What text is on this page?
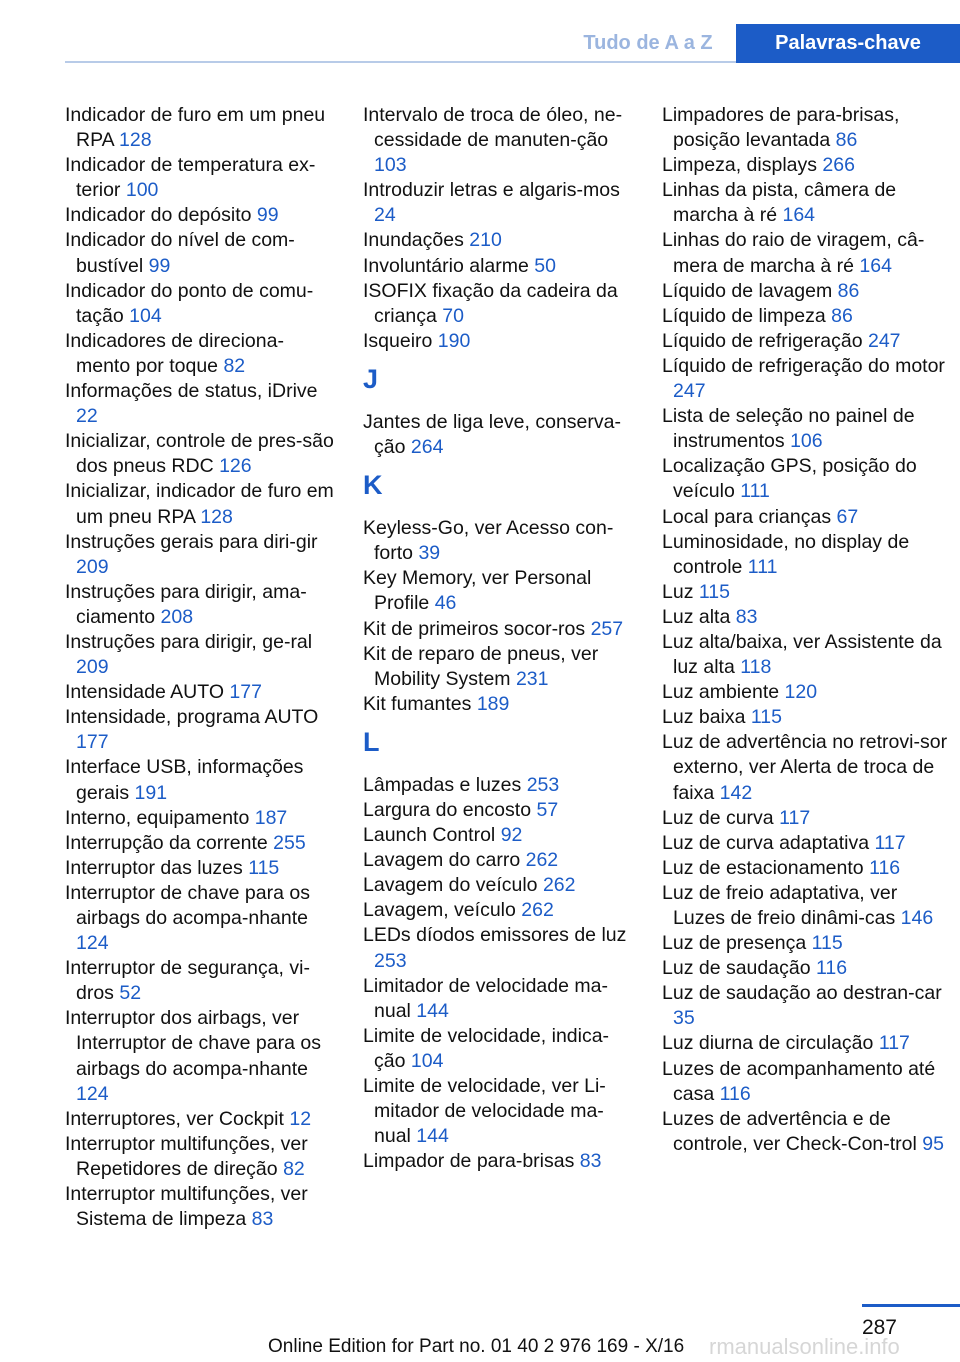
Tudo de A a Z	Palavras-chave
Indicador de furo em um pneu RPA 128
Indicador de temperatura ex-terior 100
Indicador do depósito 99
Indicador do nível de com-bustível 99
Indicador do ponto de comu-tação 104
Indicadores de direciona-mento por toque 82
Informações de status, iDrive 22
Inicializar, controle de pres-são dos pneus RDC 126
Inicializar, indicador de furo em um pneu RPA 128
Instruções gerais para diri-gir 209
Instruções para dirigir, ama-ciamento 208
Instruções para dirigir, ge-ral 209
Intensidade AUTO 177
Intensidade, programa AUTO 177
Interface USB, informações gerais 191
Interno, equipamento 187
Interrupção da corrente 255
Interruptor das luzes 115
Interruptor de chave para os airbags do acompa-nhante 124
Interruptor de segurança, vi-dros 52
Interruptor dos airbags, ver Interruptor de chave para os airbags do acompa-nhante 124
Interruptores, ver Cockpit 12
Interruptor multifunções, ver Repetidores de direção 82
Interruptor multifunções, ver Sistema de limpeza 83
Intervalo de troca de óleo, ne-cessidade de manuten-ção 103
Introduzir letras e algaris-mos 24
Inundações 210
Involuntário alarme 50
ISOFIX fixação da cadeira da criança 70
Isqueiro 190
J
Jantes de liga leve, conserva-ção 264
K
Keyless-Go, ver Acesso con-forto 39
Key Memory, ver Personal Profile 46
Kit de primeiros socor-ros 257
Kit de reparo de pneus, ver Mobility System 231
Kit fumantes 189
L
Lâmpadas e luzes 253
Largura do encosto 57
Launch Control 92
Lavagem do carro 262
Lavagem do veículo 262
Lavagem, veículo 262
LEDs díodos emissores de luz 253
Limitador de velocidade ma-nual 144
Limite de velocidade, indica-ção 104
Limite de velocidade, ver Li-mitador de velocidade ma-nual 144
Limpador de para-brisas 83
Limpadores de para-brisas, posição levantada 86
Limpeza, displays 266
Linhas da pista, câmera de marcha à ré 164
Linhas do raio de viragem, câ-mera de marcha à ré 164
Líquido de lavagem 86
Líquido de limpeza 86
Líquido de refrigeração 247
Líquido de refrigeração do motor 247
Lista de seleção no painel de instrumentos 106
Localização GPS, posição do veículo 111
Local para crianças 67
Luminosidade, no display de controle 111
Luz 115
Luz alta 83
Luz alta/baixa, ver Assistente da luz alta 118
Luz ambiente 120
Luz baixa 115
Luz de advertência no retrovi-sor externo, ver Alerta de troca de faixa 142
Luz de curva 117
Luz de curva adaptativa 117
Luz de estacionamento 116
Luz de freio adaptativa, ver Luzes de freio dinâmi-cas 146
Luz de presença 115
Luz de saudação 116
Luz de saudação ao destran-car 35
Luz diurna de circulação 117
Luzes de acompanhamento até casa 116
Luzes de advertência e de controle, ver Check-Con-trol 95
287
rmanualsonline.info
Online Edition for Part no. 01 40 2 976 169 - X/16
